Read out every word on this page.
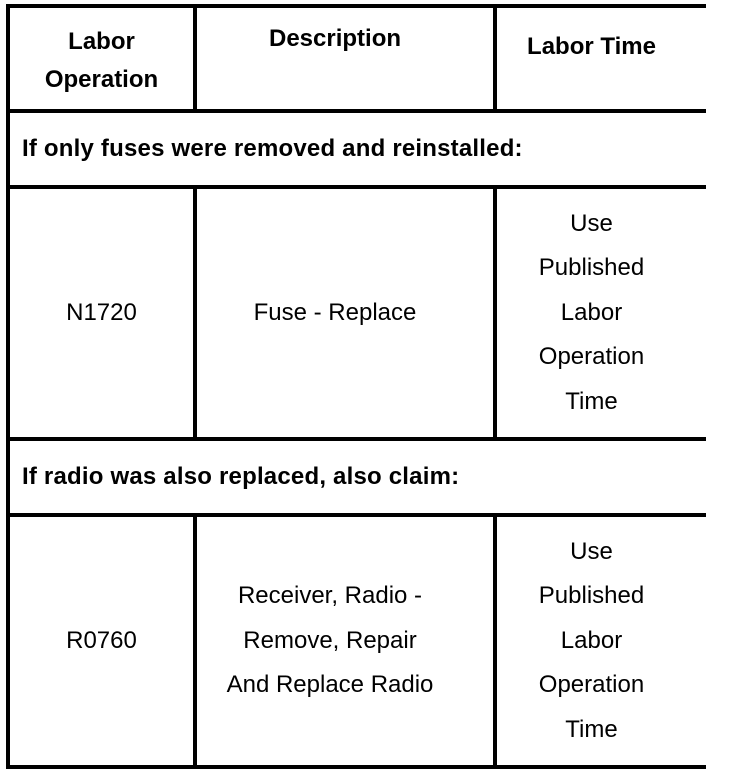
Labor
Operation
Description	Labor Time
If only fuses were removed and reinstalled:
N1720	Fuse - Replace
Use
Published
Labor
Operation
Time
If radio was also replaced, also claim:
R0760
Receiver, Radio -
Remove, Repair
And Replace Radio
Use
Published
Labor
Operation
Time
